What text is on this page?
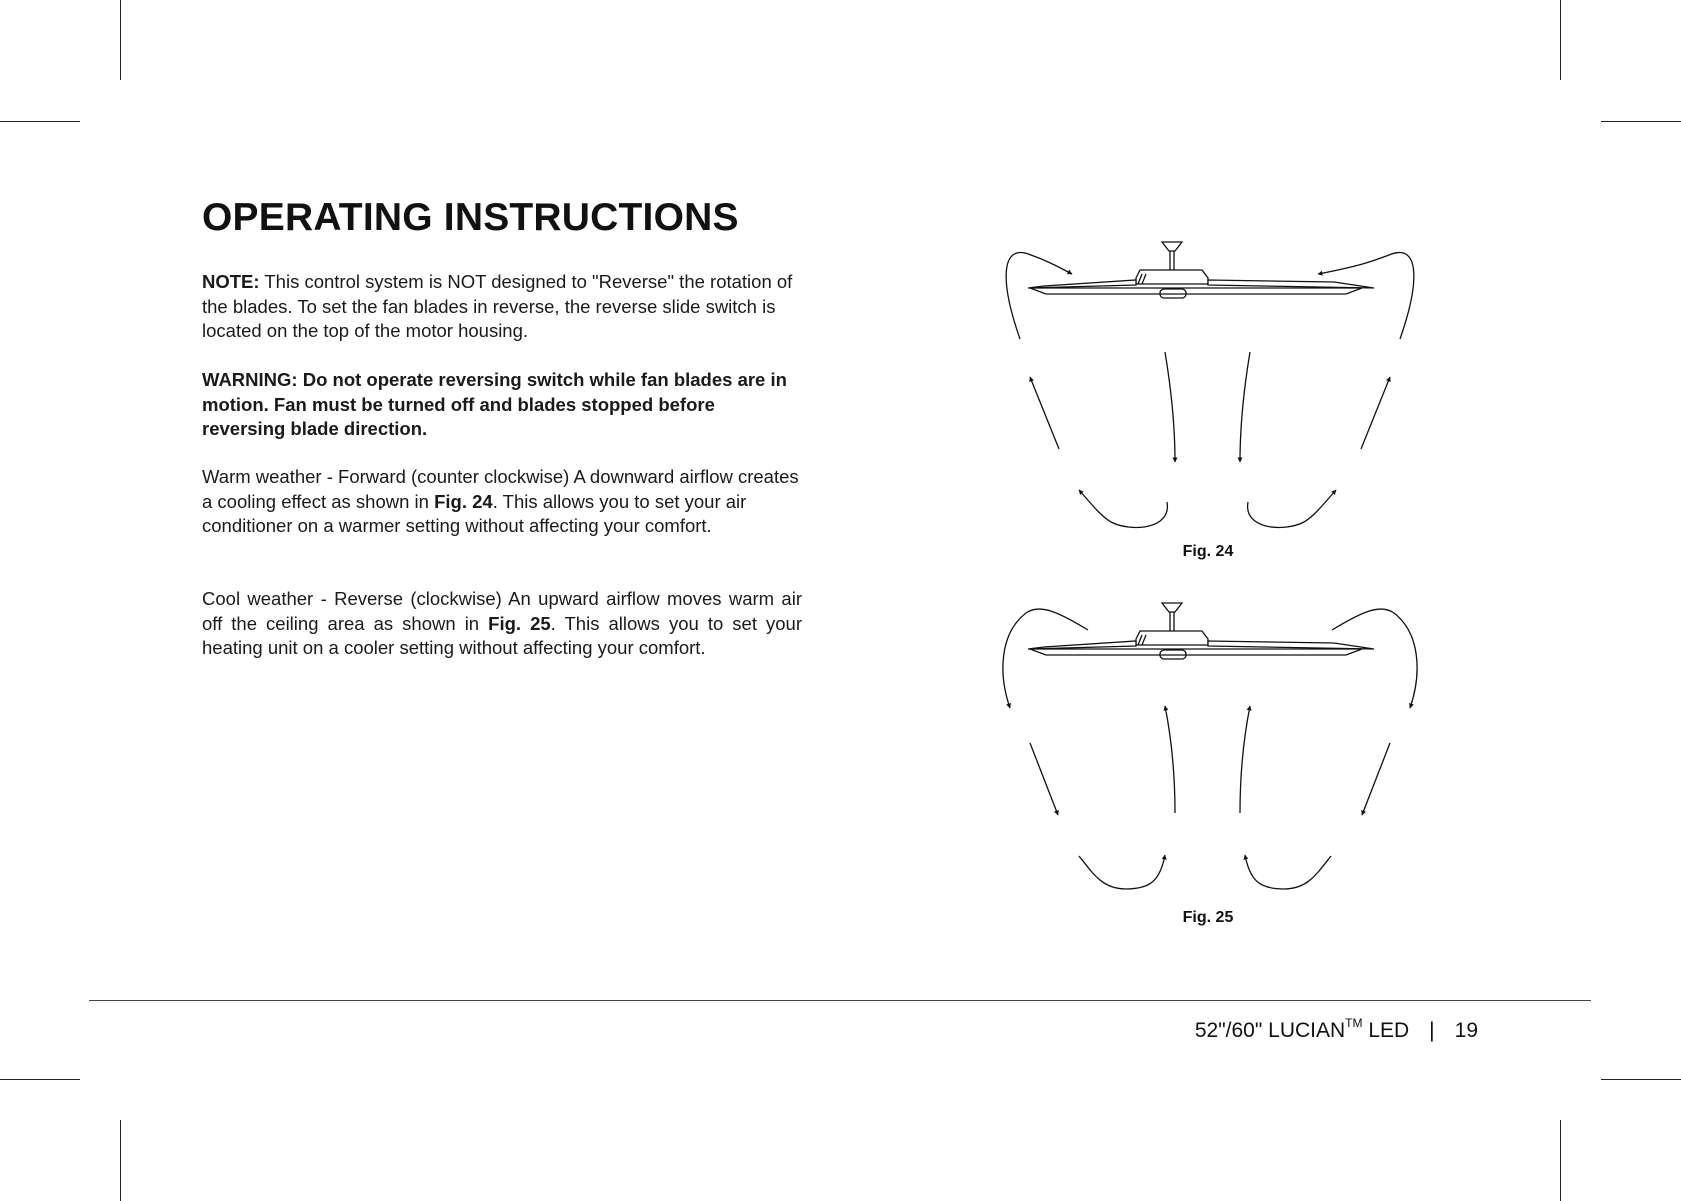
OPERATING INSTRUCTIONS

NOTE: This control system is NOT designed to "Reverse" the rotation of the blades. To set the fan blades in reverse, the reverse slide switch is located on the top of the motor housing.

WARNING: Do not operate reversing switch while fan blades are in motion. Fan must be turned off and blades stopped before reversing blade direction.

Warm weather - Forward (counter clockwise) A downward airflow creates a cooling effect as shown in Fig. 24. This allows you to set your air conditioner on a warmer setting without affecting your comfort.

Cool weather - Reverse (clockwise) An upward airflow moves warm air off the ceiling area as shown in Fig. 25. This allows you to set your heating unit on a cooler setting without affecting your comfort.

Fig. 24
Fig. 25
52"/60" LUCIAN™ LED | 19
